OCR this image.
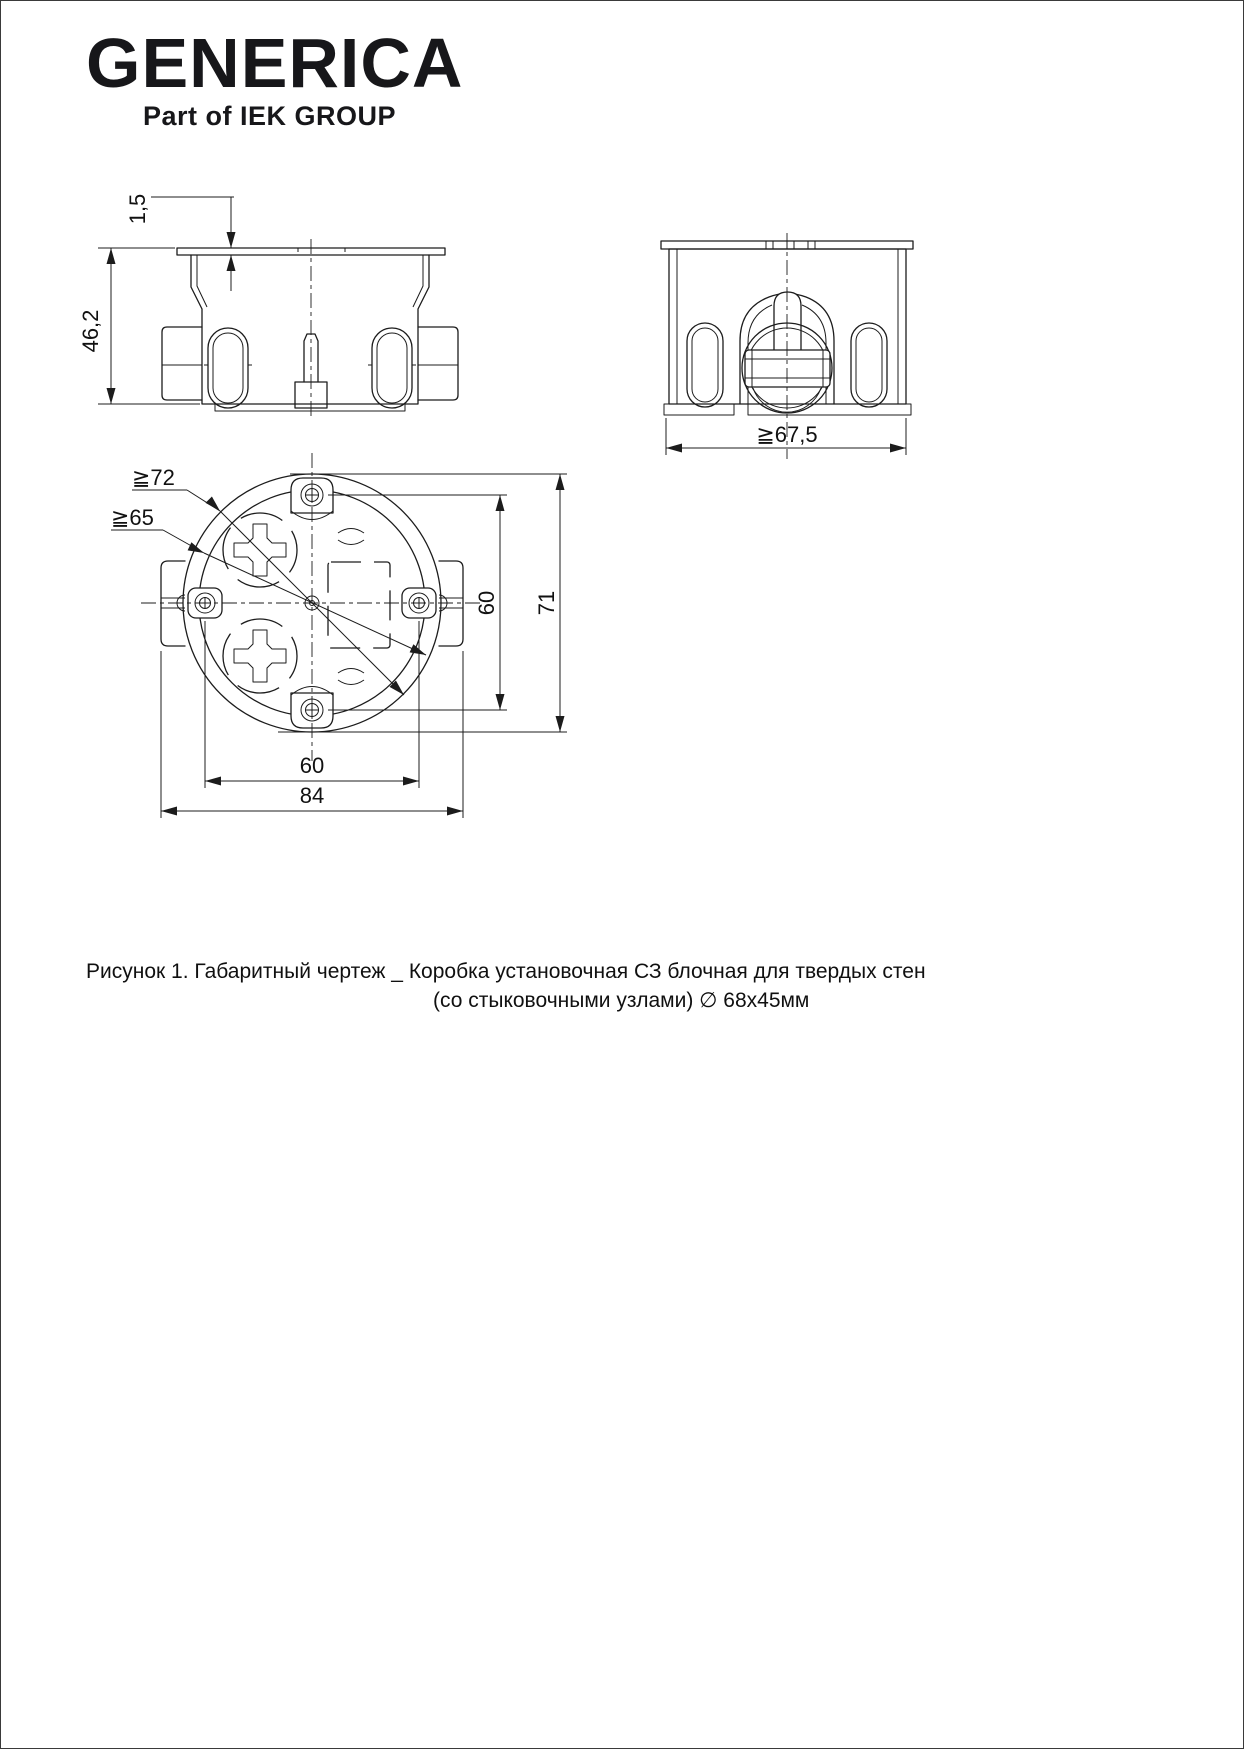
GENERICA
Part of IEK GROUP
1,5
46,2
≧67,5
≧72
≧65
60 71
60
84

Рисунок 1. Габаритный чертеж _ Коробка установочная СЗ блочная для твердых стен
(со стыковочными узлами) ∅ 68х45мм
